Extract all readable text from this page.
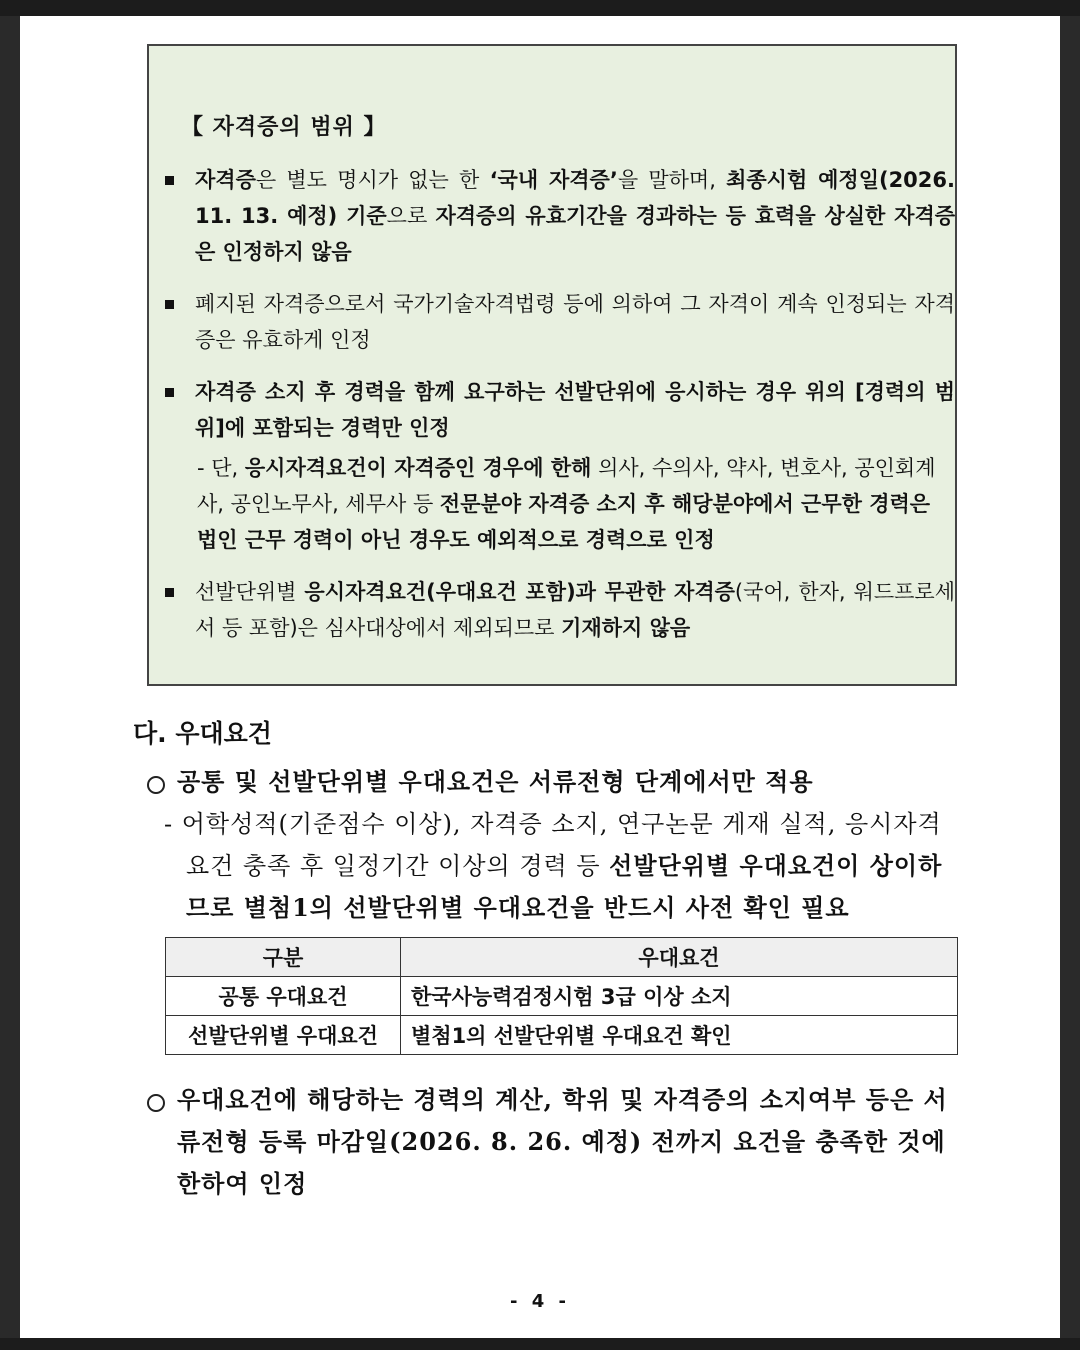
【 자격증의 범위 】
자격증은 별도 명시가 없는 한 ‘국내 자격증’을 말하며, 최종시험 예정일(2026. 11. 13. 예정) 기준으로 자격증의 유효기간을 경과하는 등 효력을 상실한 자격증은 인정하지 않음
폐지된 자격증으로서 국가기술자격법령 등에 의하여 그 자격이 계속 인정되는 자격증은 유효하게 인정
자격증 소지 후 경력을 함께 요구하는 선발단위에 응시하는 경우 위의 [경력의 범위]에 포함되는 경력만 인정
- 단, 응시자격요건이 자격증인 경우에 한해 의사, 수의사, 약사, 변호사, 공인회계사, 공인노무사, 세무사 등 전문분야 자격증 소지 후 해당분야에서 근무한 경력은 법인 근무 경력이 아닌 경우도 예외적으로 경력으로 인정
선발단위별 응시자격요건(우대요건 포함)과 무관한 자격증(국어, 한자, 워드프로세서 등 포함)은 심사대상에서 제외되므로 기재하지 않음
다. 우대요건
공통 및 선발단위별 우대요건은 서류전형 단계에서만 적용
- 어학성적(기준점수 이상), 자격증 소지, 연구논문 게재 실적, 응시자격요건 충족 후 일정기간 이상의 경력 등 선발단위별 우대요건이 상이하므로 별첨1의 선발단위별 우대요건을 반드시 사전 확인 필요
구분	우대요건
공통 우대요건	한국사능력검정시험 3급 이상 소지
선발단위별 우대요건	별첨1의 선발단위별 우대요건 확인
우대요건에 해당하는 경력의 계산, 학위 및 자격증의 소지여부 등은 서류전형 등록 마감일(2026. 8. 26. 예정) 전까지 요건을 충족한 것에 한하여 인정
- 4 -
